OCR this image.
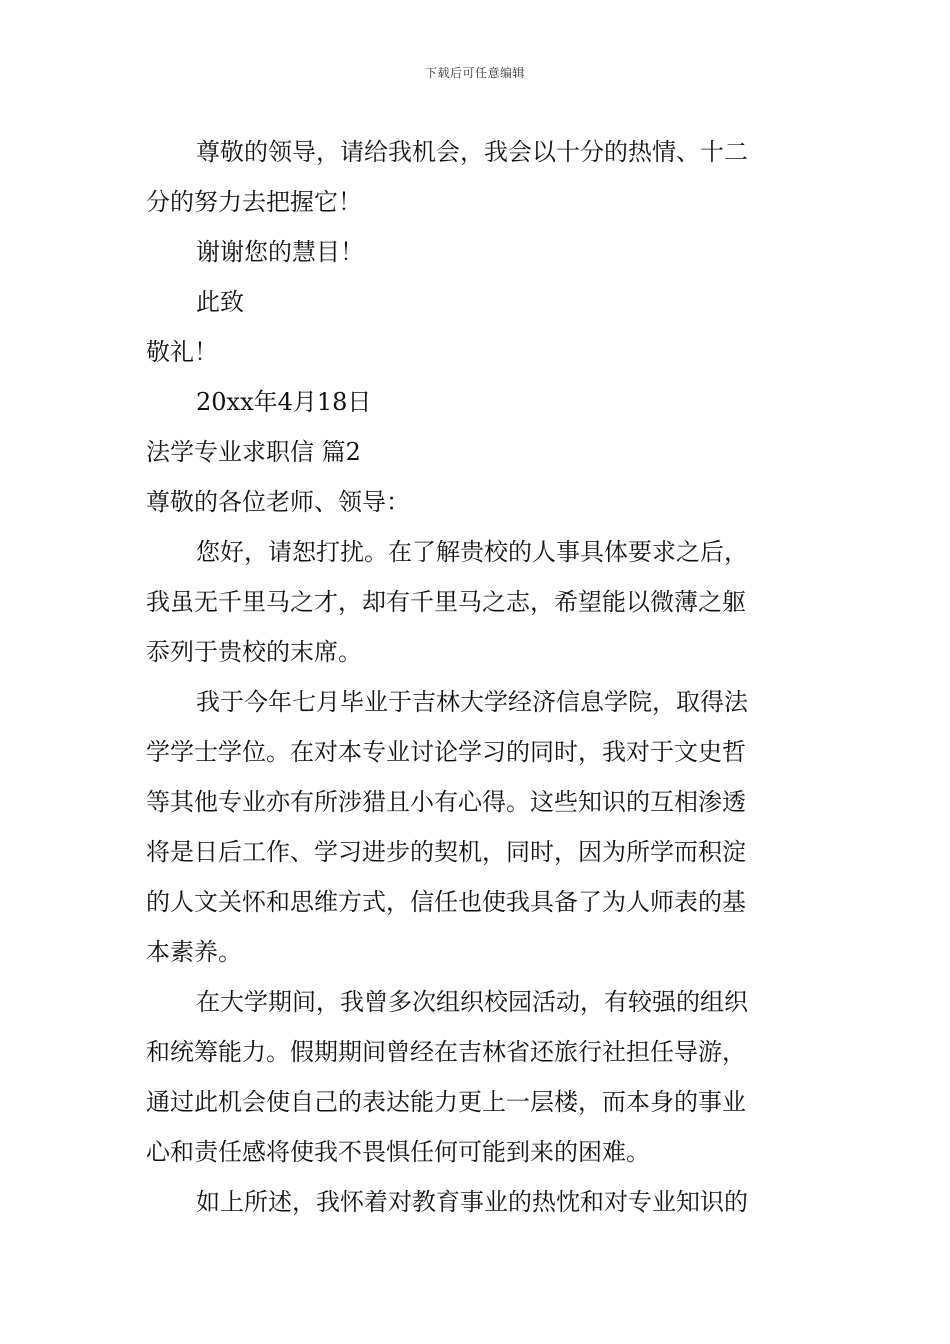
下载后可任意编辑
尊敬的领导，请给我机会，我会以十分的热情、十二
分的努力去把握它！
谢谢您的慧目！
此致
敬礼！
20xx年4月18日
法学专业求职信 篇2
尊敬的各位老师、领导：
您好，请恕打扰。在了解贵校的人事具体要求之后，
我虽无千里马之才，却有千里马之志，希望能以微薄之躯
忝列于贵校的末席。
我于今年七月毕业于吉林大学经济信息学院，取得法
学学士学位。在对本专业讨论学习的同时，我对于文史哲
等其他专业亦有所涉猎且小有心得。这些知识的互相渗透
将是日后工作、学习进步的契机，同时，因为所学而积淀
的人文关怀和思维方式，信任也使我具备了为人师表的基
本素养。
在大学期间，我曾多次组织校园活动，有较强的组织
和统筹能力。假期期间曾经在吉林省还旅行社担任导游，
通过此机会使自己的表达能力更上一层楼，而本身的事业
心和责任感将使我不畏惧任何可能到来的困难。
如上所述，我怀着对教育事业的热忱和对专业知识的
